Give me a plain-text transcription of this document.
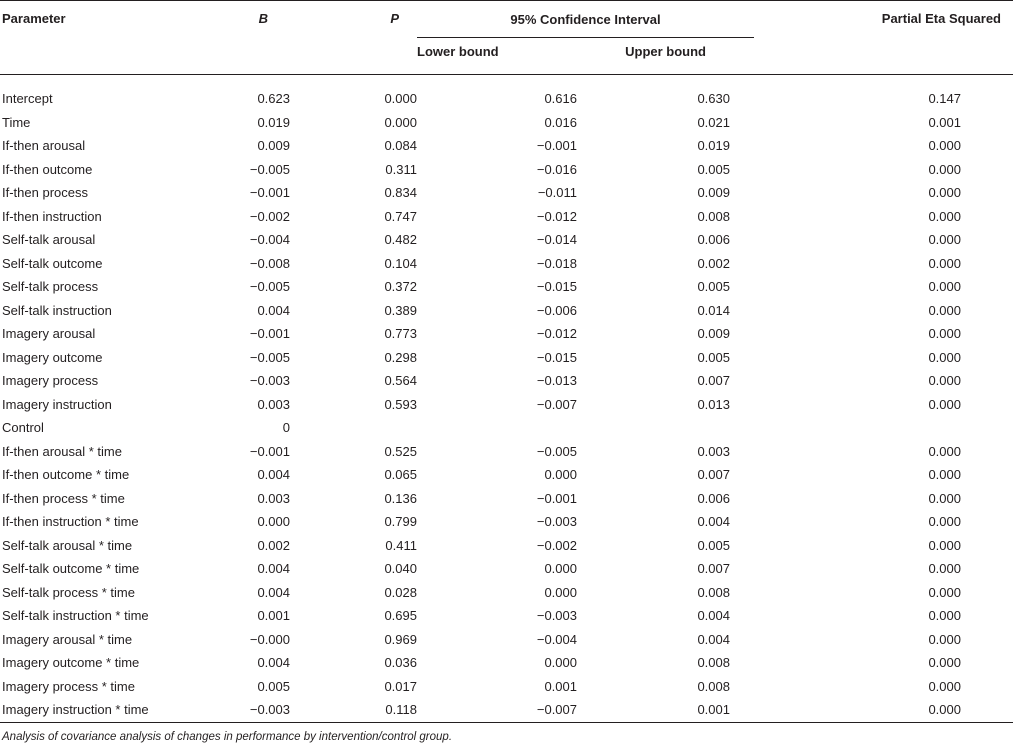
Parameter	B	P	95% Confidence Interval		Partial Eta Squared
			Lower bound	Upper bound	

Intercept	0.623	0.000	0.616	0.630	0.147
Time	0.019	0.000	0.016	0.021	0.001
If-then arousal	0.009	0.084	−0.001	0.019	0.000
If-then outcome	−0.005	0.311	−0.016	0.005	0.000
If-then process	−0.001	0.834	−0.011	0.009	0.000
If-then instruction	−0.002	0.747	−0.012	0.008	0.000
Self-talk arousal	−0.004	0.482	−0.014	0.006	0.000
Self-talk outcome	−0.008	0.104	−0.018	0.002	0.000
Self-talk process	−0.005	0.372	−0.015	0.005	0.000
Self-talk instruction	0.004	0.389	−0.006	0.014	0.000
Imagery arousal	−0.001	0.773	−0.012	0.009	0.000
Imagery outcome	−0.005	0.298	−0.015	0.005	0.000
Imagery process	−0.003	0.564	−0.013	0.007	0.000
Imagery instruction	0.003	0.593	−0.007	0.013	0.000
Control	0				
If-then arousal * time	−0.001	0.525	−0.005	0.003	0.000
If-then outcome * time	0.004	0.065	0.000	0.007	0.000
If-then process * time	0.003	0.136	−0.001	0.006	0.000
If-then instruction * time	0.000	0.799	−0.003	0.004	0.000
Self-talk arousal * time	0.002	0.411	−0.002	0.005	0.000
Self-talk outcome * time	0.004	0.040	0.000	0.007	0.000
Self-talk process * time	0.004	0.028	0.000	0.008	0.000
Self-talk instruction * time	0.001	0.695	−0.003	0.004	0.000
Imagery arousal * time	−0.000	0.969	−0.004	0.004	0.000
Imagery outcome * time	0.004	0.036	0.000	0.008	0.000
Imagery process * time	0.005	0.017	0.001	0.008	0.000
Imagery instruction * time	−0.003	0.118	−0.007	0.001	0.000

Analysis of covariance analysis of changes in performance by intervention/control group.					
